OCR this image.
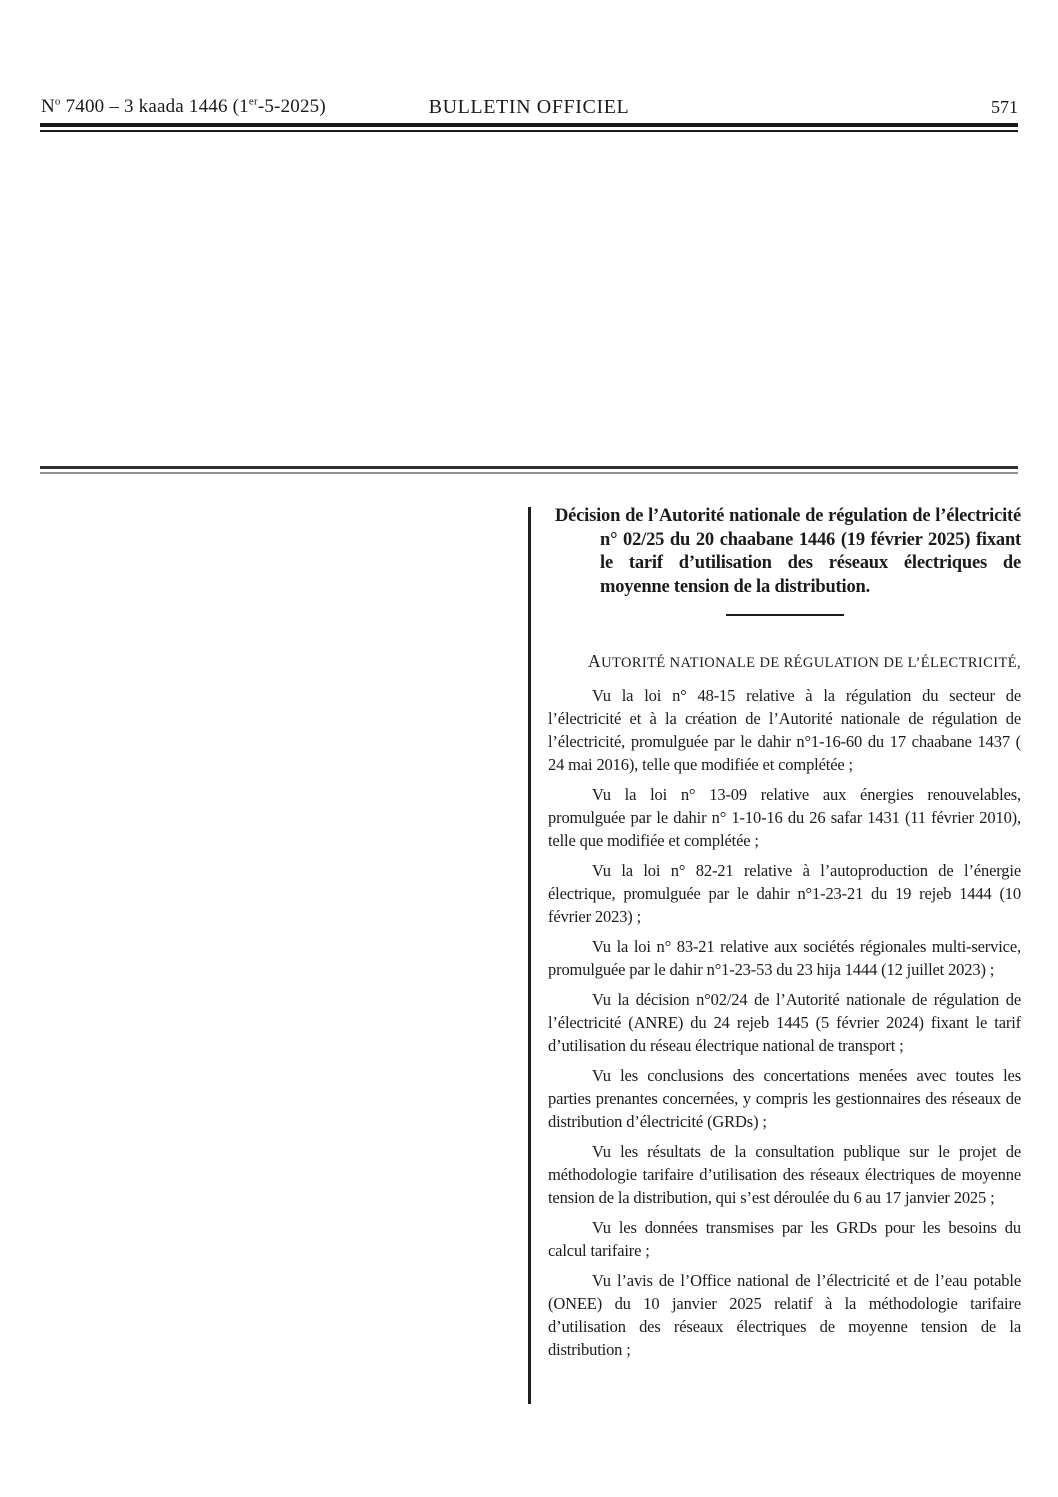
$N^o$ 7400 – 3 kaada 1446 (1er-5-2025)	BULLETIN OFFICIEL	571
Décision de l’Autorité nationale de régulation de l’électricité n° 02/25 du 20 chaabane 1446 (19 février 2025) fixant le tarif d’utilisation des réseaux électriques de moyenne tension de la distribution.
AUTORITÉ NATIONALE DE RÉGULATION DE L’ÉLECTRICITÉ,

Vu la loi n° 48-15 relative à la régulation du secteur de l’électricité et à la création de l’Autorité nationale de régulation de l’électricité, promulguée par le dahir n°1-16-60 du 17 chaabane 1437 ( 24 mai 2016), telle que modifiée et complétée ;

Vu la loi n° 13-09 relative aux énergies renouvelables, promulguée par le dahir n° 1-10-16 du 26 safar 1431 (11 février 2010), telle que modifiée et complétée ;

Vu la loi n° 82-21 relative à l’autoproduction de l’énergie électrique, promulguée par le dahir n°1-23-21 du 19 rejeb 1444 (10 février 2023) ;

Vu la loi n° 83-21 relative aux sociétés régionales multi-service, promulguée par le dahir n°1-23-53 du 23 hija 1444 (12 juillet 2023) ;

Vu la décision n°02/24 de l’Autorité nationale de régulation de l’électricité (ANRE) du 24 rejeb 1445 (5 février 2024) fixant le tarif d’utilisation du réseau électrique national de transport ;

Vu les conclusions des concertations menées avec toutes les parties prenantes concernées, y compris les gestionnaires des réseaux de distribution d’électricité (GRDs) ;

Vu les résultats de la consultation publique sur le projet de méthodologie tarifaire d’utilisation des réseaux électriques de moyenne tension de la distribution, qui s’est déroulée du 6 au 17 janvier 2025 ;

Vu les données transmises par les GRDs pour les besoins du calcul tarifaire ;

Vu l’avis de l’Office national de l’électricité et de l’eau potable (ONEE) du 10 janvier 2025 relatif à la méthodologie tarifaire d’utilisation des réseaux électriques de moyenne tension de la distribution ;
